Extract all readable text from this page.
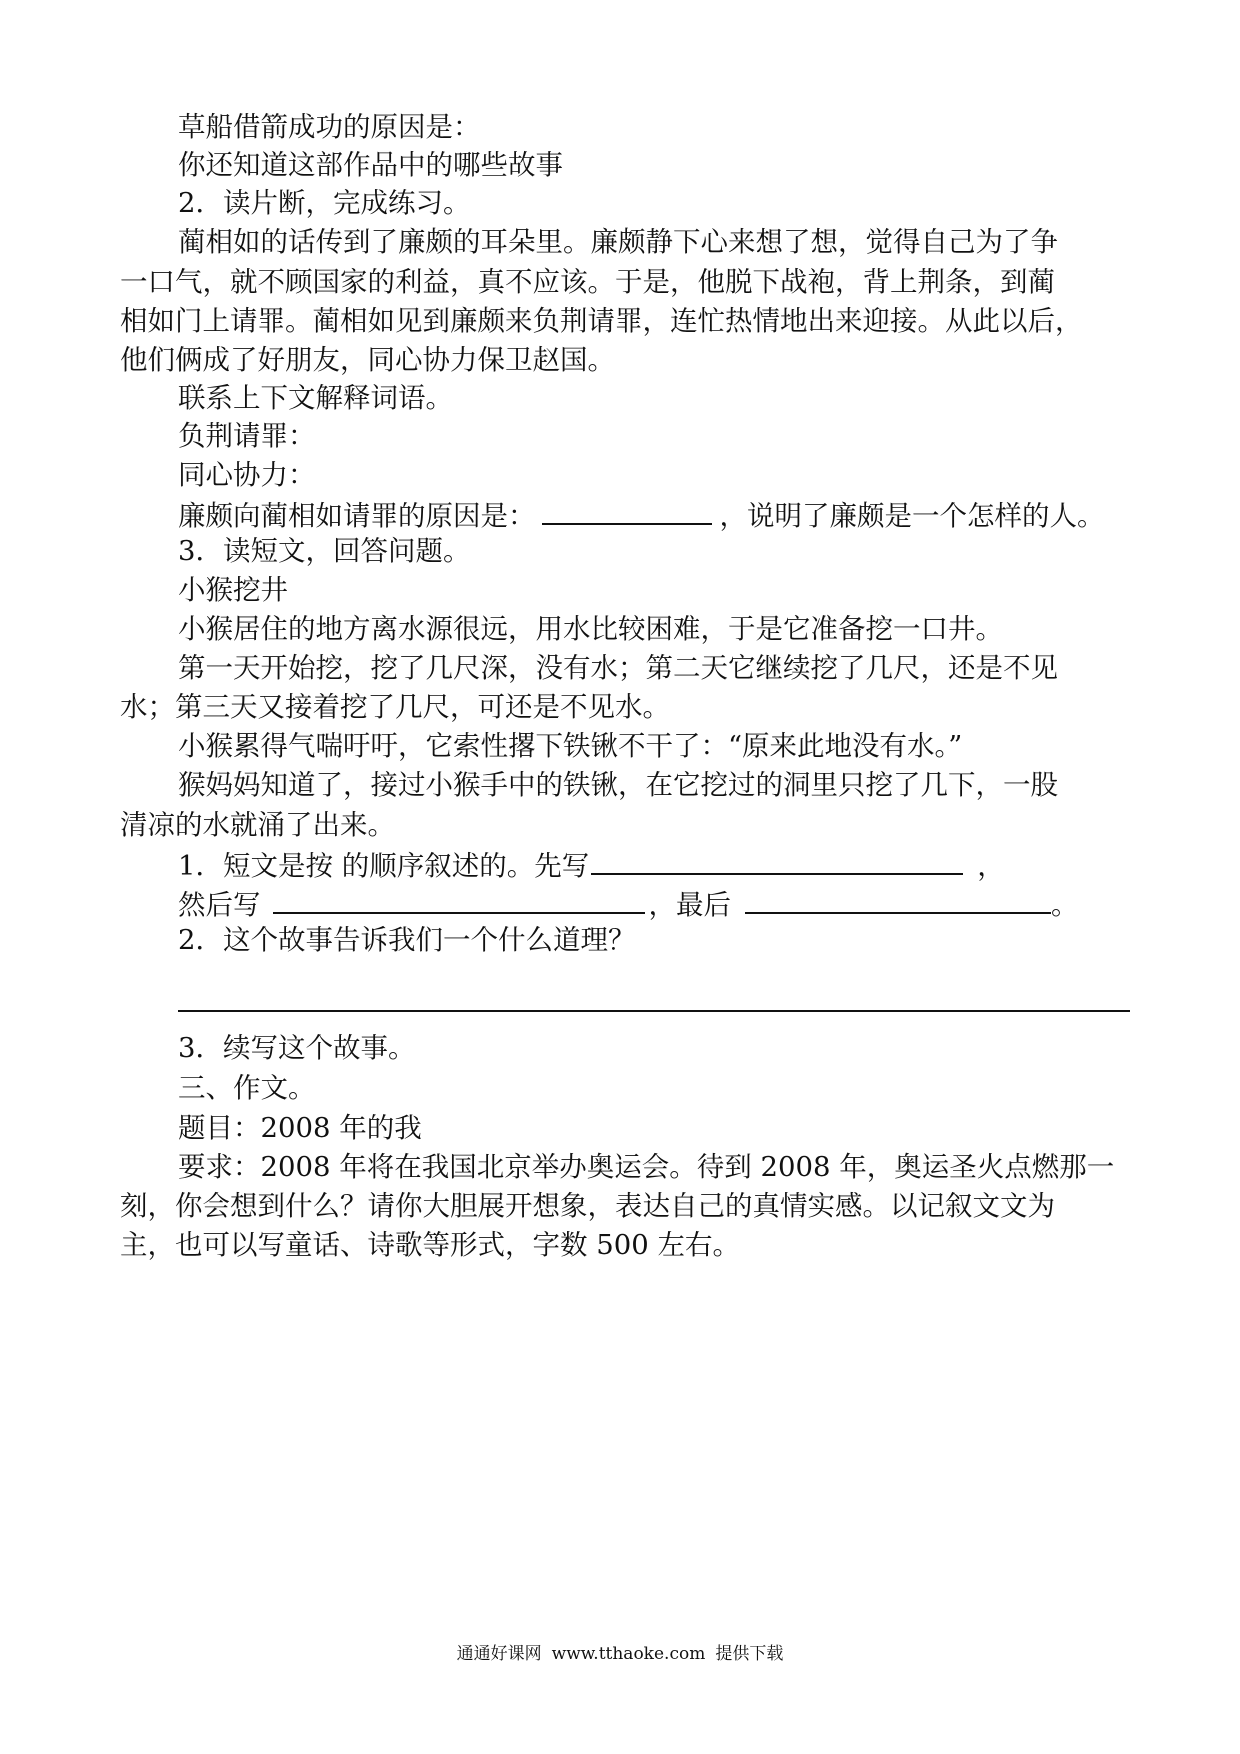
草船借箭成功的原因是：
你还知道这部作品中的哪些故事
2．读片断，完成练习。
蔺相如的话传到了廉颇的耳朵里。廉颇静下心来想了想，觉得自己为了争
一口气，就不顾国家的利益，真不应该。于是，他脱下战袍，背上荆条，到蔺
相如门上请罪。蔺相如见到廉颇来负荆请罪，连忙热情地出来迎接。从此以后，
他们俩成了好朋友，同心协力保卫赵国。
联系上下文解释词语。
负荆请罪：
同心协力：
廉颇向蔺相如请罪的原因是：	，说明了廉颇是一个怎样的人。
3．读短文，回答问题。
小猴挖井
小猴居住的地方离水源很远，用水比较困难，于是它准备挖一口井。
第一天开始挖，挖了几尺深，没有水；第二天它继续挖了几尺，还是不见
水；第三天又接着挖了几尺，可还是不见水。
小猴累得气喘吁吁，它索性撂下铁锹不干了：“原来此地没有水。”
猴妈妈知道了，接过小猴手中的铁锹，在它挖过的洞里只挖了几下，一股
清凉的水就涌了出来。
1．短文是按 的顺序叙述的。先写	，
然后写	，最后	。
2．这个故事告诉我们一个什么道理？
3．续写这个故事。
三、作文。
题目：2008 年的我
要求：2008 年将在我国北京举办奥运会。待到 2008 年，奥运圣火点燃那一
刻，你会想到什么？请你大胆展开想象，表达自己的真情实感。以记叙文文为
主，也可以写童话、诗歌等形式，字数 500 左右。
通通好课网 www.tthaoke.com 提供下载
